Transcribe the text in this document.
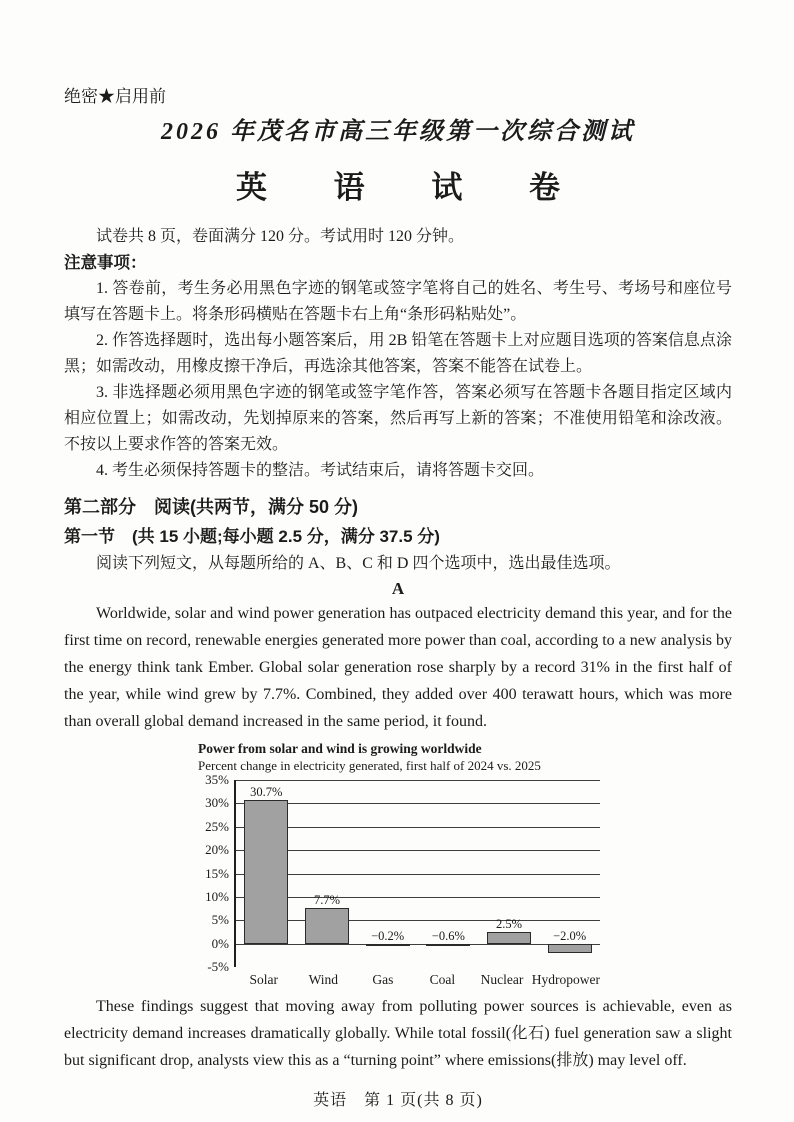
绝密★启用前
2026 年茂名市高三年级第一次综合测试
英 语 试 卷

试卷共 8 页，卷面满分 120 分。考试用时 120 分钟。

注意事项：

1. 答卷前，考生务必用黑色字迹的钢笔或签字笔将自己的姓名、考生号、考场号和座位号填写在答题卡上。将条形码横贴在答题卡右上角“条形码粘贴处”。

2. 作答选择题时，选出每小题答案后，用 2B 铅笔在答题卡上对应题目选项的答案信息点涂黑；如需改动，用橡皮擦干净后，再选涂其他答案，答案不能答在试卷上。

3. 非选择题必须用黑色字迹的钢笔或签字笔作答，答案必须写在答题卡各题目指定区域内相应位置上；如需改动，先划掉原来的答案，然后再写上新的答案；不准使用铅笔和涂改液。不按以上要求作答的答案无效。

4. 考生必须保持答题卡的整洁。考试结束后，请将答题卡交回。

第二部分　阅读(共两节，满分 50 分)
第一节　(共 15 小题;每小题 2.5 分，满分 37.5 分)

阅读下列短文，从每题所给的 A、B、C 和 D 四个选项中，选出最佳选项。

A

Worldwide, solar and wind power generation has outpaced electricity demand this year, and for the first time on record, renewable energies generated more power than coal, according to a new analysis by the energy think tank Ember. Global solar generation rose sharply by a record 31% in the first half of the year, while wind grew by 7.7%. Combined, they added over 400 terawatt hours, which was more than overall global demand increased in the same period, it found.

Power from solar and wind is growing worldwide
Percent change in electricity generated, first half of 2024 vs. 2025
35%
30%
25%
20%
15%
10%
5%
0%
-5%
30.7%
7.7%
−0.2%	−0.6%
2.5%
−2.0%
Solar	Wind	Gas	Coal	Nuclear Hydropower

These findings suggest that moving away from polluting power sources is achievable, even as electricity demand increases dramatically globally. While total fossil(化石) fuel generation saw a slight but significant drop, analysts view this as a “turning point” where emissions(排放) may level off.

英语　第 1 页(共 8 页)
